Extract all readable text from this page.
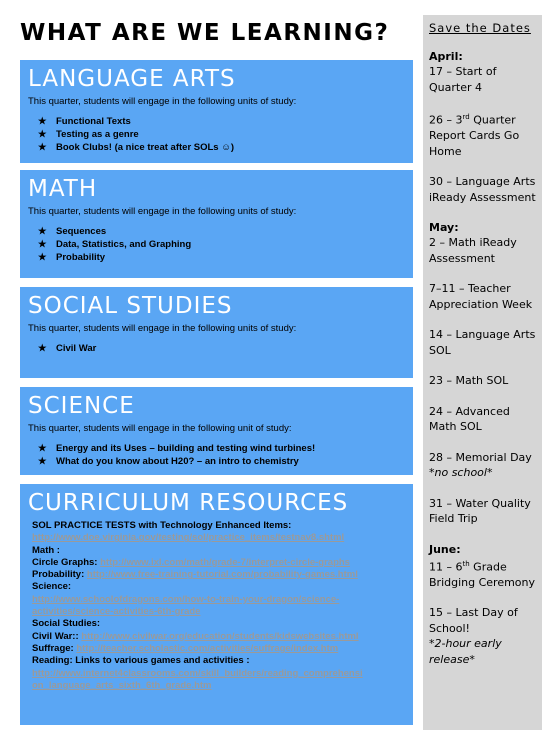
WHAT ARE WE LEARNING?
LANGUAGE ARTS
This quarter, students will engage in the following units of study:
★ Functional Texts
★ Testing as a genre
★ Book Clubs! (a nice treat after SOLs ☺)
MATH
This quarter, students will engage in the following units of study:
★ Sequences
★ Data, Statistics, and Graphing
★ Probability
SOCIAL STUDIES
This quarter, students will engage in the following units of study:
★ Civil War
SCIENCE
This quarter, students will engage in the following unit of study:
★ Energy and its Uses – building and testing wind turbines!
★ What do you know about H20? – an intro to chemistry
CURRICULUM RESOURCES
SOL PRACTICE TESTS with Technology Enhanced Items:
http://www.doe.virginia.gov/testing/sol/practice_items/testnav8.shtml
Math :
Circle Graphs: http://www.ixl.com/math/grade-7/interpret-circle-graphs
Probability: http://www.free-training-tutorial.com/probability-games.html
Science:
http://www.schoolofdragons.com/how-to-train-your-dragon/science-
activities/science-activities-6th-grade
Social Studies:
Civil War:: http://www.civilwar.org/education/students/kidswebsites.html
Suffrage: http://teacher.scholastic.com/activities/suffrage/index.htm
Reading: Links to various games and activities :
http://www.internet4classrooms.com/skill_builders/reading_comprehensi
on_language_arts_sixth_6th_grade.htm
Save the Dates
April:
17 – Start of Quarter 4
26 – 3rd Quarter Report Cards Go Home
30 – Language Arts iReady Assessment
May:
2 – Math iReady Assessment
7–11 – Teacher Appreciation Week
14 – Language Arts SOL
23 – Math SOL
24 – Advanced Math SOL
28 – Memorial Day
*no school*
31 – Water Quality Field Trip
June:
11 – 6th Grade Bridging Ceremony
15 – Last Day of School!
*2-hour early release*
